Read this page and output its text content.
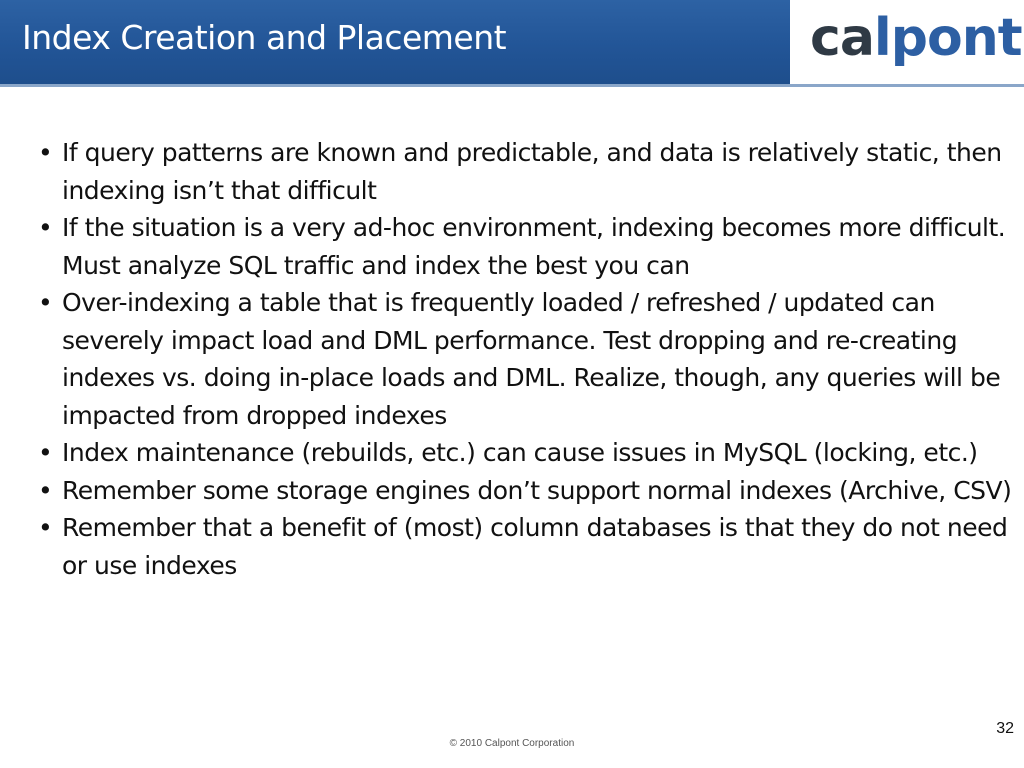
Index Creation and Placement	calpont
• If query patterns are known and predictable, and data is relatively static, then indexing isn’t that difficult
• If the situation is a very ad-hoc environment, indexing becomes more difficult. Must analyze SQL traffic and index the best you can
• Over-indexing a table that is frequently loaded / refreshed / updated can severely impact load and DML performance. Test dropping and re-creating indexes vs. doing in-place loads and DML. Realize, though, any queries will be impacted from dropped indexes
• Index maintenance (rebuilds, etc.) can cause issues in MySQL (locking, etc.)
• Remember some storage engines don’t support normal indexes (Archive, CSV)
• Remember that a benefit of (most) column databases is that they do not need or use indexes
© 2010 Calpont Corporation
32
